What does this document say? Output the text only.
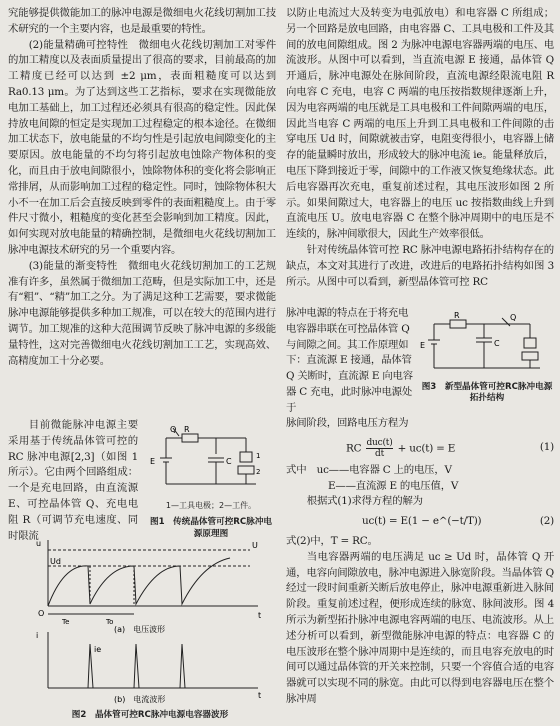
究能够提供微能加工的脉冲电源是微细电火花线切割加工技术研究的一个主要内容，也是最重要的特性。

(2)能量精确可控特性　微细电火花线切割加工对零件的加工精度以及表面质量提出了很高的要求，目前最高的加工精度已经可以达到 ±2 μm，表面粗糙度可以达到 Ra0.13 μm。为了达到这些工艺指标，要求在实现微能放电加工基础上，加工过程还必须具有很高的稳定性。因此保持放电间隙的恒定是实现加工过程稳定的根本途径。在微细加工状态下，放电能量的不均匀性是引起放电间隙变化的主要原因。放电能量的不均匀将引起放电蚀除产物体积的变化，而且由于放电间隙很小，蚀除物体积的变化将会影响正常排屑，从而影响加工过程的稳定性。同时，蚀除物体积大小不一在加工后会直接反映到零件的表面粗糙度上。由于零件尺寸微小，粗糙度的变化甚至会影响到加工精度。因此，如何实现对放电能量的精确控制，是微细电火花线切割加工脉冲电源技术研究的另一个重要内容。

(3)能量的渐变特性　微细电火花线切割加工的工艺规准有许多，虽然属于微细加工范畴，但是实际加工中，还是有“粗”、“精”加工之分。为了满足这种工艺需要，要求微能脉冲电源能够提供多种加工规准，可以在较大的范围内进行调节。加工规准的这种大范围调节反映了脉冲电源的多级能量特性，这对完善微细电火花线切割加工工艺，实现高效、高精度加工十分必要。

目前微能脉冲电源主要采用基于传统晶体管可控的 RC 脉冲电源[2,3]（如图 1 所示）。它由两个回路组成：一个是充电回路，由直流源 E、可控晶体管 Q、充电电阻 R（可调节充电速度、同时限流

R
Q
E	C
1
2
1—工具电极；2—工件。
图1　传统晶体管可控RC脉冲电源原理图
u	U
Ud
t
O
Te	To
i
ie
t
(a)　电压波形
(b)　电流波形
图2　晶体管可控RC脉冲电源电容器波形

以防止电流过大及转变为电弧放电）和电容器 C 所组成；另一个回路是放电回路，由电容器 C、工具电极和工件及其间的放电间隙组成。图 2 为脉冲电源电容器两端的电压、电流波形。从图中可以看到，当直流电源 E 接通，晶体管 Q 开通后，脉冲电源处在脉间阶段，直流电源经限流电阻 R 向电容 C 充电，电容 C 两端的电压按指数规律逐渐上升，因为电容两端的电压就是工具电极和工件间隙两端的电压，因此当电容 C 两端的电压上升到工具电极和工件间隙的击穿电压 Ud 时，间隙就被击穿，电阻变得很小，电容器上储存的能量瞬时放出，形成较大的脉冲电流 ie。能量释放后，电压下降到接近于零，间隙中的工作液又恢复绝缘状态。此后电容器再次充电，重复前述过程，其电压波形如图 2 所示。如果间隙过大，电容器上的电压 uc 按指数曲线上升到直流电压 U。放电电容器 C 在整个脉冲周期中的电压是不连续的，脉冲间歇很大，因此生产效率很低。

针对传统晶体管可控 RC 脉冲电源电路拓扑结构存在的缺点，本文对其进行了改进，改进后的电路拓扑结构如图 3 所示。从图中可以看到，新型晶体管可控 RC

脉冲电源的特点在于将充电电容器串联在可控晶体管 Q 与间隙之间。其工作原理如下：直流源 E 接通，晶体管 Q 关断时，直流源 E 向电容器 C 充电，此时脉冲电源处于

R	Q
E	C
图3　新型晶体管可控RC脉冲电源拓扑结构

脉间阶段，回路电压方程为

RC duc(t)
dt	+ uc(t) = E	(1)

式中　uc——电容器 C 上的电压，V

E——直流源 E 的电压值，V

根据式(1)求得方程的解为

uc(t) = E(1 − e^(−t/T))	(2)

式(2)中，T = RC。

当电容器两端的电压满足 uc ≥ Ud 时，晶体管 Q 开通，电容向间隙放电，脉冲电源进入脉宽阶段。当晶体管 Q 经过一段时间重新关断后放电停止，脉冲电源重新进入脉间阶段。重复前述过程，便形成连续的脉宽、脉间波形。图 4 所示为新型拓扑脉冲电源电容两端的电压、电流波形。从上述分析可以看到，新型微能脉冲电源的特点：电容器 C 的电压波形在整个脉冲周期中是连续的，而且电容充放电的时间可以通过晶体管的开关来控制，只要一个容值合适的电容器就可以实现不同的脉宽。由此可以得到电容器电压在整个脉冲周
